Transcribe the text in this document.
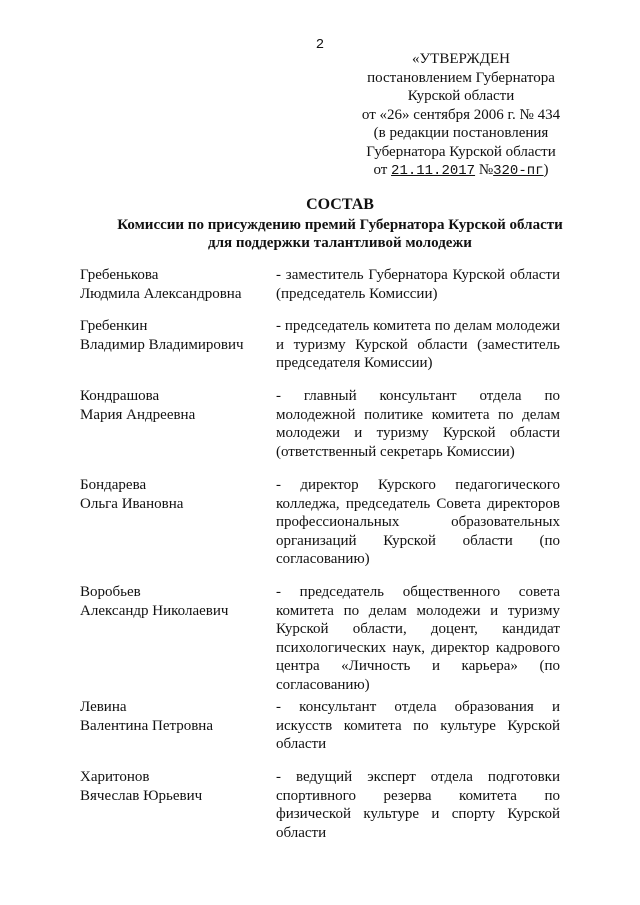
2
«УТВЕРЖДЕН
постановлением Губернатора
Курской области
от «26» сентября 2006 г. № 434
(в редакции постановления
Губернатора Курской области
от 21.11.2017 №320-пг)
СОСТАВ
Комиссии по присуждению премий Губернатора Курской области
для поддержки талантливой молодежи
Гребенькова
Людмила Александровна
- заместитель Губернатора Курской области (председатель Комиссии)
Гребенкин
Владимир Владимирович
- председатель комитета по делам молодежи и туризму Курской области (заместитель председателя Комиссии)
Кондрашова
Мария Андреевна
- главный консультант отдела по молодежной политике комитета по делам молодежи и туризму Курской области (ответственный секретарь Комиссии)
Бондарева
Ольга Ивановна
- директор Курского педагогического колледжа, председатель Совета директоров профессиональных образовательных организаций Курской области (по согласованию)
Воробьев
Александр Николаевич
- председатель общественного совета комитета по делам молодежи и туризму Курской области, доцент, кандидат психологических наук, директор кадрового центра «Личность и карьера» (по согласованию)
Левина
Валентина Петровна
- консультант отдела образования и искусств комитета по культуре Курской области
Харитонов
Вячеслав Юрьевич
- ведущий эксперт отдела подготовки спортивного резерва комитета по физической культуре и спорту Курской области
